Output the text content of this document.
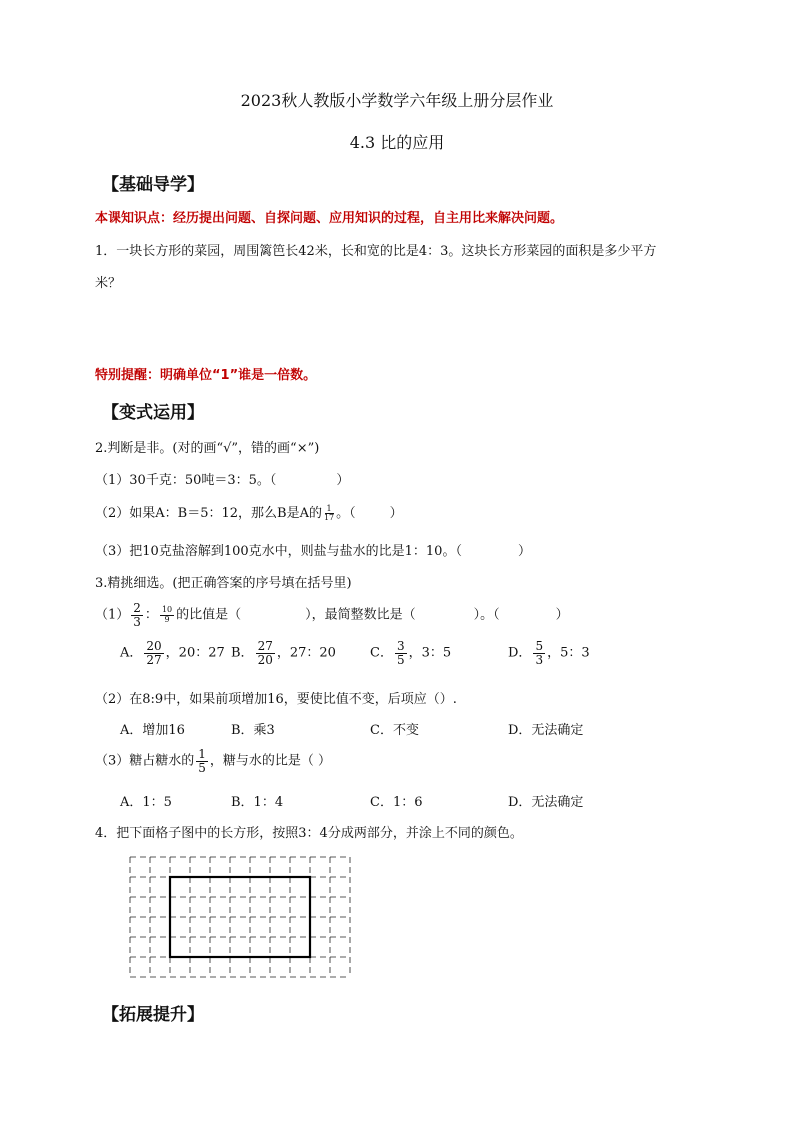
2023秋人教版小学数学六年级上册分层作业
4.3 比的应用
【基础导学】
本课知识点：经历提出问题、自探问题、应用知识的过程，自主用比来解决问题。
1．一块长方形的菜园，周围篱笆长42米，长和宽的比是4：3。这块长方形菜园的面积是多少平方
米？
特别提醒：明确单位“1”谁是一倍数。
【变式运用】
2.判断是非。(对的画“√”，错的画“×”)
（1）30千克：50吨＝3：5。（	）
（2）如果A：B＝5：12，那么B是A的 $\frac{1}{17}$ 。（	）
（3）把10克盐溶解到100克水中，则盐与盐水的比是1：10。（	）
3.精挑细选。(把正确答案的序号填在括号里)
$(1) \frac{2}{3}$ ： $\frac{10}{9}$ 的比值是（	），最简整数比是（	）。（	）
A． $\frac{20}{27}$ ，20：27 B． $\frac{27}{20}$ ，27：20	C． $\frac{3}{5}$ ，3：5	D． $\frac{5}{3}$ ，5：3
（2）在8:9中，如果前项增加16，要使比值不变，后项应（）.
A．增加16	B．乘3	C．不变	D．无法确定
（3）糖占糖水的 $\frac{1}{5}$ ，糖与水的比是（ ）
A．1：5	B．1：4	C．1：6	D．无法确定
4．把下面格子图中的长方形，按照3：4分成两部分，并涂上不同的颜色。
【拓展提升】
